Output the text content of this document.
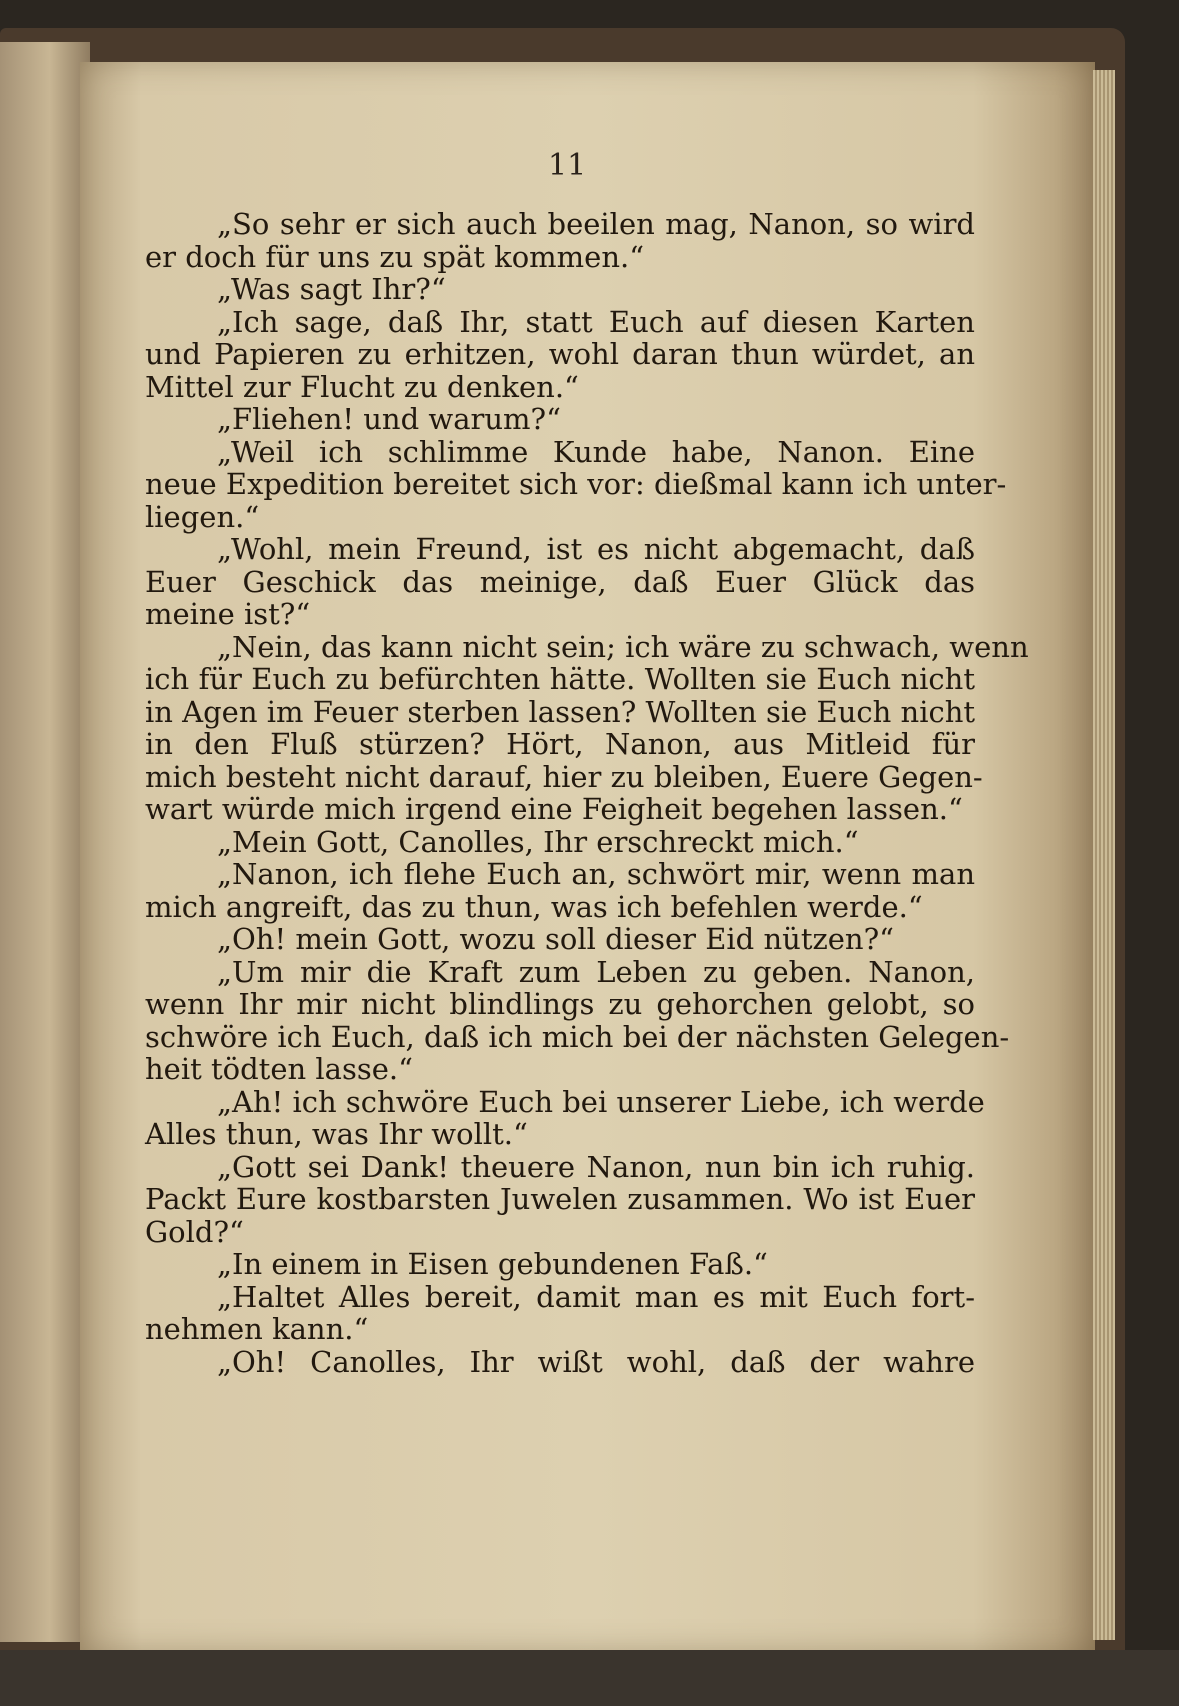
11
„So sehr er sich auch beeilen mag, Nanon, so wird
er doch für uns zu spät kommen.“
„Was sagt Ihr?“
„Ich sage, daß Ihr, statt Euch auf diesen Karten
und Papieren zu erhitzen, wohl daran thun würdet, an
Mittel zur Flucht zu denken.“
„Fliehen! und warum?“
„Weil ich schlimme Kunde habe, Nanon. Eine
neue Expedition bereitet sich vor: dießmal kann ich unter-
liegen.“
„Wohl, mein Freund, ist es nicht abgemacht, daß
Euer Geschick das meinige, daß Euer Glück das
meine ist?“
„Nein, das kann nicht sein; ich wäre zu schwach, wenn
ich für Euch zu befürchten hätte. Wollten sie Euch nicht
in Agen im Feuer sterben lassen? Wollten sie Euch nicht
in den Fluß stürzen? Hört, Nanon, aus Mitleid für
mich besteht nicht darauf, hier zu bleiben, Euere Gegen-
wart würde mich irgend eine Feigheit begehen lassen.“
„Mein Gott, Canolles, Ihr erschreckt mich.“
„Nanon, ich flehe Euch an, schwört mir, wenn man
mich angreift, das zu thun, was ich befehlen werde.“
„Oh! mein Gott, wozu soll dieser Eid nützen?“
„Um mir die Kraft zum Leben zu geben. Nanon,
wenn Ihr mir nicht blindlings zu gehorchen gelobt, so
schwöre ich Euch, daß ich mich bei der nächsten Gelegen-
heit tödten lasse.“
„Ah! ich schwöre Euch bei unserer Liebe, ich werde
Alles thun, was Ihr wollt.“
„Gott sei Dank! theuere Nanon, nun bin ich ruhig.
Packt Eure kostbarsten Juwelen zusammen. Wo ist Euer
Gold?“
„In einem in Eisen gebundenen Faß.“
„Haltet Alles bereit, damit man es mit Euch fort-
nehmen kann.“
„Oh! Canolles, Ihr wißt wohl, daß der wahre
